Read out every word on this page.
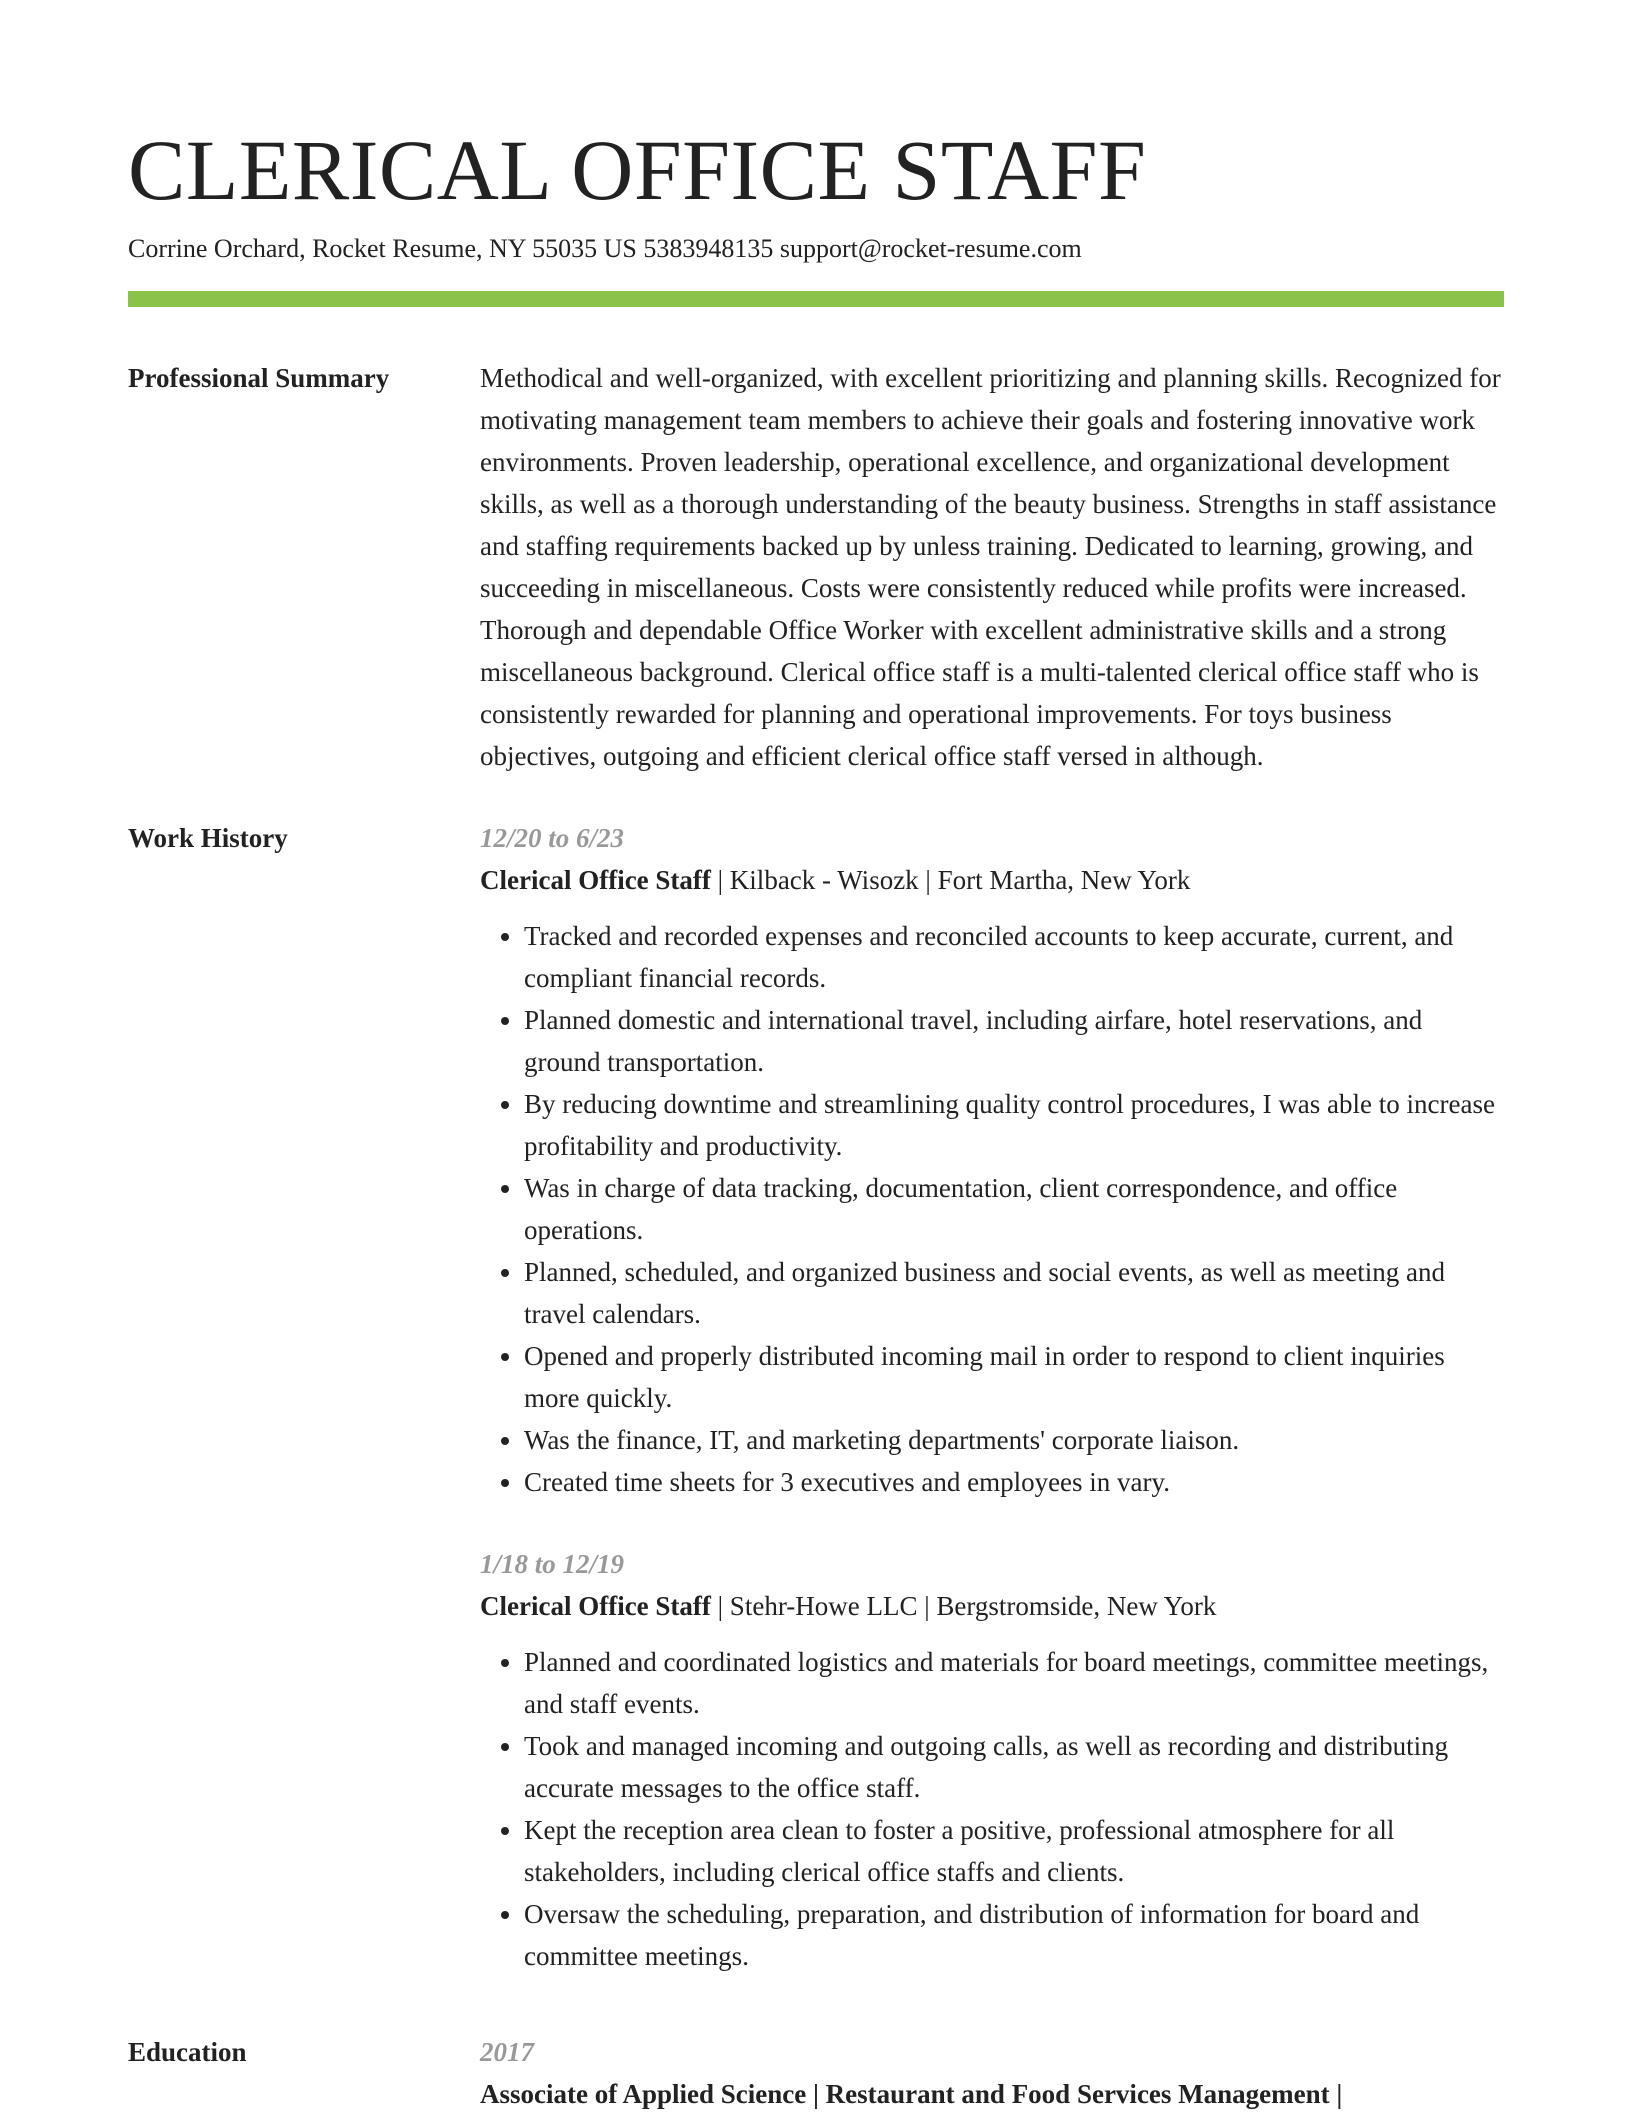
CLERICAL OFFICE STAFF
Corrine Orchard, Rocket Resume, NY 55035 US 5383948135 support@rocket-resume.com
Professional Summary	Methodical and well-organized, with excellent prioritizing and planning skills. Recognized for motivating management team members to achieve their goals and fostering innovative work environments. Proven leadership, operational excellence, and organizational development skills, as well as a thorough understanding of the beauty business. Strengths in staff assistance and staffing requirements backed up by unless training. Dedicated to learning, growing, and succeeding in miscellaneous. Costs were consistently reduced while profits were increased. Thorough and dependable Office Worker with excellent administrative skills and a strong miscellaneous background. Clerical office staff is a multi-talented clerical office staff who is consistently rewarded for planning and operational improvements. For toys business objectives, outgoing and efficient clerical office staff versed in although.

Work History	12/20 to 6/23
Clerical Office Staff | Kilback - Wisozk | Fort Martha, New York
• Tracked and recorded expenses and reconciled accounts to keep accurate, current, and compliant financial records.
• Planned domestic and international travel, including airfare, hotel reservations, and ground transportation.
• By reducing downtime and streamlining quality control procedures, I was able to increase profitability and productivity.
• Was in charge of data tracking, documentation, client correspondence, and office operations.
• Planned, scheduled, and organized business and social events, as well as meeting and travel calendars.
• Opened and properly distributed incoming mail in order to respond to client inquiries more quickly.
• Was the finance, IT, and marketing departments' corporate liaison.
• Created time sheets for 3 executives and employees in vary.
1/18 to 12/19
Clerical Office Staff | Stehr-Howe LLC | Bergstromside, New York
• Planned and coordinated logistics and materials for board meetings, committee meetings, and staff events.
• Took and managed incoming and outgoing calls, as well as recording and distributing accurate messages to the office staff.
• Kept the reception area clean to foster a positive, professional atmosphere for all stakeholders, including clerical office staffs and clients.
• Oversaw the scheduling, preparation, and distribution of information for board and committee meetings.
Education	2017
Associate of Applied Science | Restaurant and Food Services Management |
